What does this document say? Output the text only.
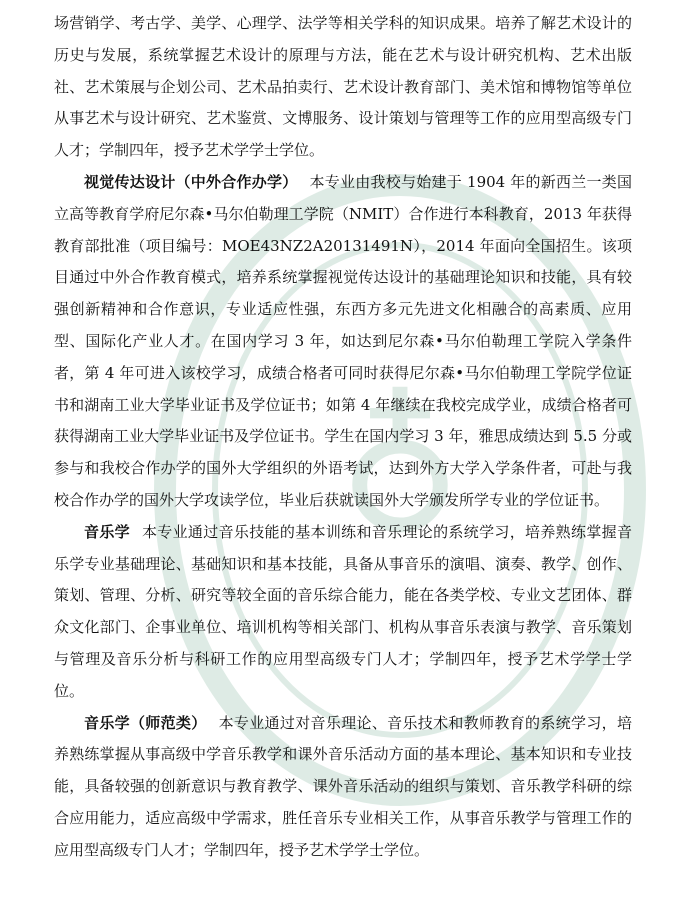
♁

场营销学、考古学、美学、心理学、法学等相关学科的知识成果。培养了解艺术设计的历史与发展，系统掌握艺术设计的原理与方法，能在艺术与设计研究机构、艺术出版社、艺术策展与企划公司、艺术品拍卖行、艺术设计教育部门、美术馆和博物馆等单位从事艺术与设计研究、艺术鉴赏、文博服务、设计策划与管理等工作的应用型高级专门人才；学制四年，授予艺术学学士学位。

视觉传达设计（中外合作办学） 本专业由我校与始建于 1904 年的新西兰一类国立高等教育学府尼尔森•马尔伯勒理工学院（NMIT）合作进行本科教育，2013 年获得教育部批准（项目编号：MOE43NZ2A20131491N），2014 年面向全国招生。该项目通过中外合作教育模式，培养系统掌握视觉传达设计的基础理论知识和技能，具有较强创新精神和合作意识，专业适应性强，东西方多元先进文化相融合的高素质、应用型、国际化产业人才。在国内学习 3 年，如达到尼尔森•马尔伯勒理工学院入学条件者，第 4 年可进入该校学习，成绩合格者可同时获得尼尔森•马尔伯勒理工学院学位证书和湖南工业大学毕业证书及学位证书；如第 4 年继续在我校完成学业，成绩合格者可获得湖南工业大学毕业证书及学位证书。学生在国内学习 3 年，雅思成绩达到 5.5 分或参与和我校合作办学的国外大学组织的外语考试，达到外方大学入学条件者，可赴与我校合作办学的国外大学攻读学位，毕业后获就读国外大学颁发所学专业的学位证书。

音乐学 本专业通过音乐技能的基本训练和音乐理论的系统学习，培养熟练掌握音乐学专业基础理论、基础知识和基本技能，具备从事音乐的演唱、演奏、教学、创作、策划、管理、分析、研究等较全面的音乐综合能力，能在各类学校、专业文艺团体、群众文化部门、企事业单位、培训机构等相关部门、机构从事音乐表演与教学、音乐策划与管理及音乐分析与科研工作的应用型高级专门人才；学制四年，授予艺术学学士学位。

音乐学（师范类） 本专业通过对音乐理论、音乐技术和教师教育的系统学习，培养熟练掌握从事高级中学音乐教学和课外音乐活动方面的基本理论、基本知识和专业技能，具备较强的创新意识与教育教学、课外音乐活动的组织与策划、音乐教学科研的综合应用能力，适应高级中学需求，胜任音乐专业相关工作，从事音乐教学与管理工作的应用型高级专门人才；学制四年，授予艺术学学士学位。
